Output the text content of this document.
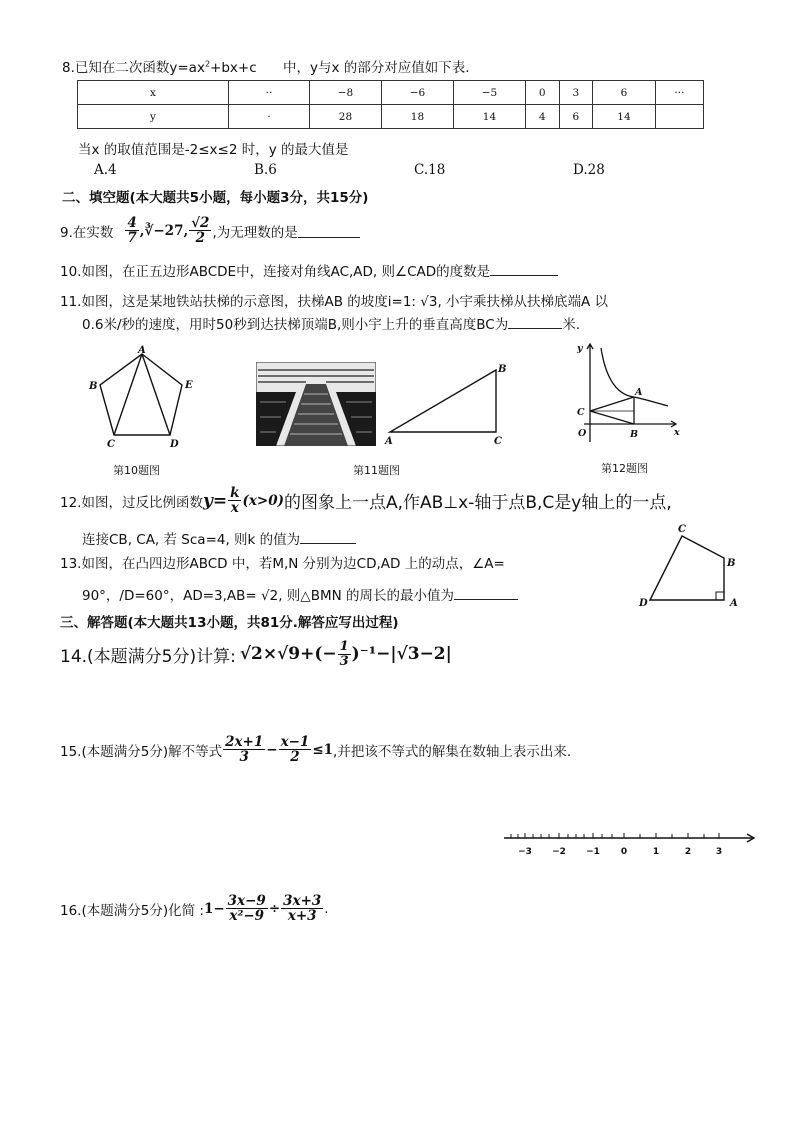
8.已知在二次函数$y=ax^2+bx+c$ 中，y与x 的部分对应值如下表.
x	··	−8	−6	−5	0	3	6	···
y	·	28	18	14	4	6	14	
当x 的取值范围是-2≤x≤2 时，y 的最大值是
A.4	B.6	C.18	D.28
二、填空题(本大题共5小题，每小题3分，共15分)
9.在实数 $\frac{4}{7}$ , ∛−27 , $\frac{√2}{2}$ ,为无理数的是
10.如图，在正五边形ABCDE中，连接对角线AC,AD, 则∠CAD的度数是
11.如图，这是某地铁站扶梯的示意图，扶梯AB 的坡度i=1: √3, 小宇乘扶梯从扶梯底端A 以
0.6米/秒的速度，用时50秒到达扶梯顶端B,则小宇上升的垂直高度BC为	米.
A
B	E
C	D
第10题图
B
A	C
第11题图
y
A
C
O	B	x
第12题图
12.如图，过反比例函数 $y= \frac{k}{x} (x>0)$ 的图象上一点A,作AB⊥x-轴于点B,C是y轴上的一点,
连接CB, CA, 若 Sca=4, 则k 的值为
13.如图，在凸四边形ABCD 中，若M,N 分别为边CD,AD 上的动点，∠A=
90°，/D=60°，AD=3,AB= √2, 则△BMN 的周长的最小值为
C
B
D	A
三、解答题(本大题共13小题，共81分.解答应写出过程)
14.(本题满分5分)计算: $√2\times√9+(- \frac{1}{3} )^{-1}-|√3-2|$
15.(本题满分5分)解不等式 $\frac{2x+1}{3} - \frac{x-1}{2} \le 1$ ,并把该不等式的解集在数轴上表示出来.
−3 −2 −1 0	1	2	3
16.(本题满分5分)化简 : $1- \frac{3x-9}{\text{x²−9}} \div \frac{3x+3}{x+3}$ .
